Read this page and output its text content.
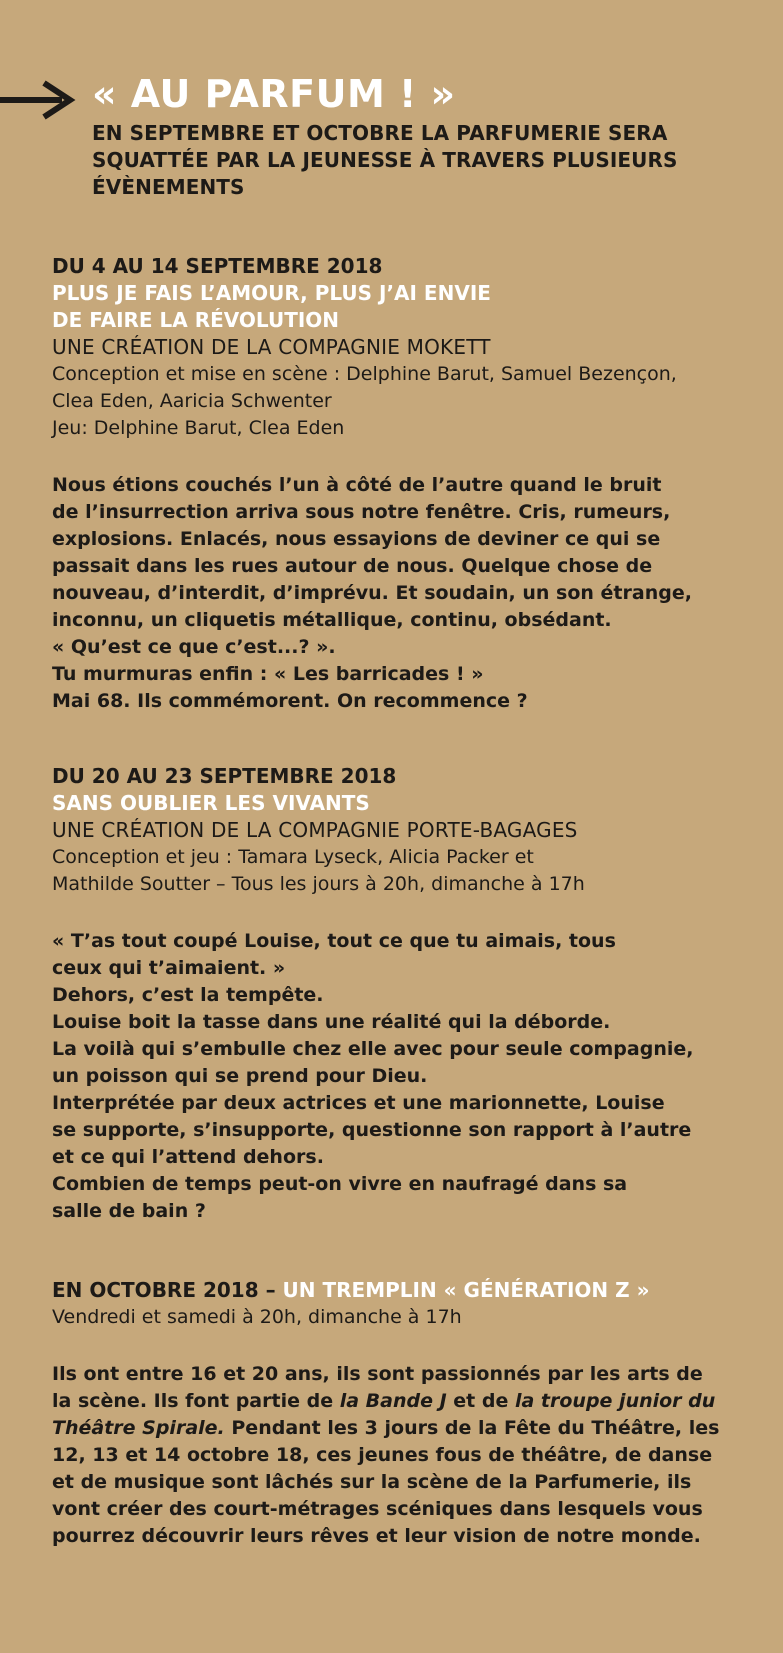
« AU PARFUM ! »
EN SEPTEMBRE ET OCTOBRE LA PARFUMERIE SERA
SQUATTÉE PAR LA JEUNESSE À TRAVERS PLUSIEURS
ÉVÈNEMENTS
DU 4 AU 14 SEPTEMBRE 2018
PLUS JE FAIS L’AMOUR, PLUS J’AI ENVIE
DE FAIRE LA RÉVOLUTION
UNE CRÉATION DE LA COMPAGNIE MOKETT
Conception et mise en scène : Delphine Barut, Samuel Bezençon,
Clea Eden, Aaricia Schwenter
Jeu: Delphine Barut, Clea Eden

Nous étions couchés l’un à côté de l’autre quand le bruit

de l’insurrection arriva sous notre fenêtre. Cris, rumeurs,

explosions. Enlacés, nous essayions de deviner ce qui se

passait dans les rues autour de nous. Quelque chose de

nouveau, d’interdit, d’imprévu. Et soudain, un son étrange,

inconnu, un cliquetis métallique, continu, obsédant.

« Qu’est ce que c’est...? ».

Tu murmuras enfin : « Les barricades ! »

Mai 68. Ils commémorent. On recommence ?

DU 20 AU 23 SEPTEMBRE 2018
SANS OUBLIER LES VIVANTS
UNE CRÉATION DE LA COMPAGNIE PORTE-BAGAGES
Conception et jeu : Tamara Lyseck, Alicia Packer et
Mathilde Soutter – Tous les jours à 20h, dimanche à 17h

« T’as tout coupé Louise, tout ce que tu aimais, tous

ceux qui t’aimaient. »

Dehors, c’est la tempête.

Louise boit la tasse dans une réalité qui la déborde.

La voilà qui s’embulle chez elle avec pour seule compagnie,

un poisson qui se prend pour Dieu.

Interprétée par deux actrices et une marionnette, Louise

se supporte, s’insupporte, questionne son rapport à l’autre

et ce qui l’attend dehors.

Combien de temps peut-on vivre en naufragé dans sa

salle de bain ?

EN OCTOBRE 2018 – UN TREMPLIN « GÉNÉRATION Z »
Vendredi et samedi à 20h, dimanche à 17h

Ils ont entre 16 et 20 ans, ils sont passionnés par les arts de

la scène. Ils font partie de la Bande J et de la troupe junior du

Théâtre Spirale. Pendant les 3 jours de la Fête du Théâtre, les

12, 13 et 14 octobre 18, ces jeunes fous de théâtre, de danse

et de musique sont lâchés sur la scène de la Parfumerie, ils

vont créer des court-métrages scéniques dans lesquels vous

pourrez découvrir leurs rêves et leur vision de notre monde.
